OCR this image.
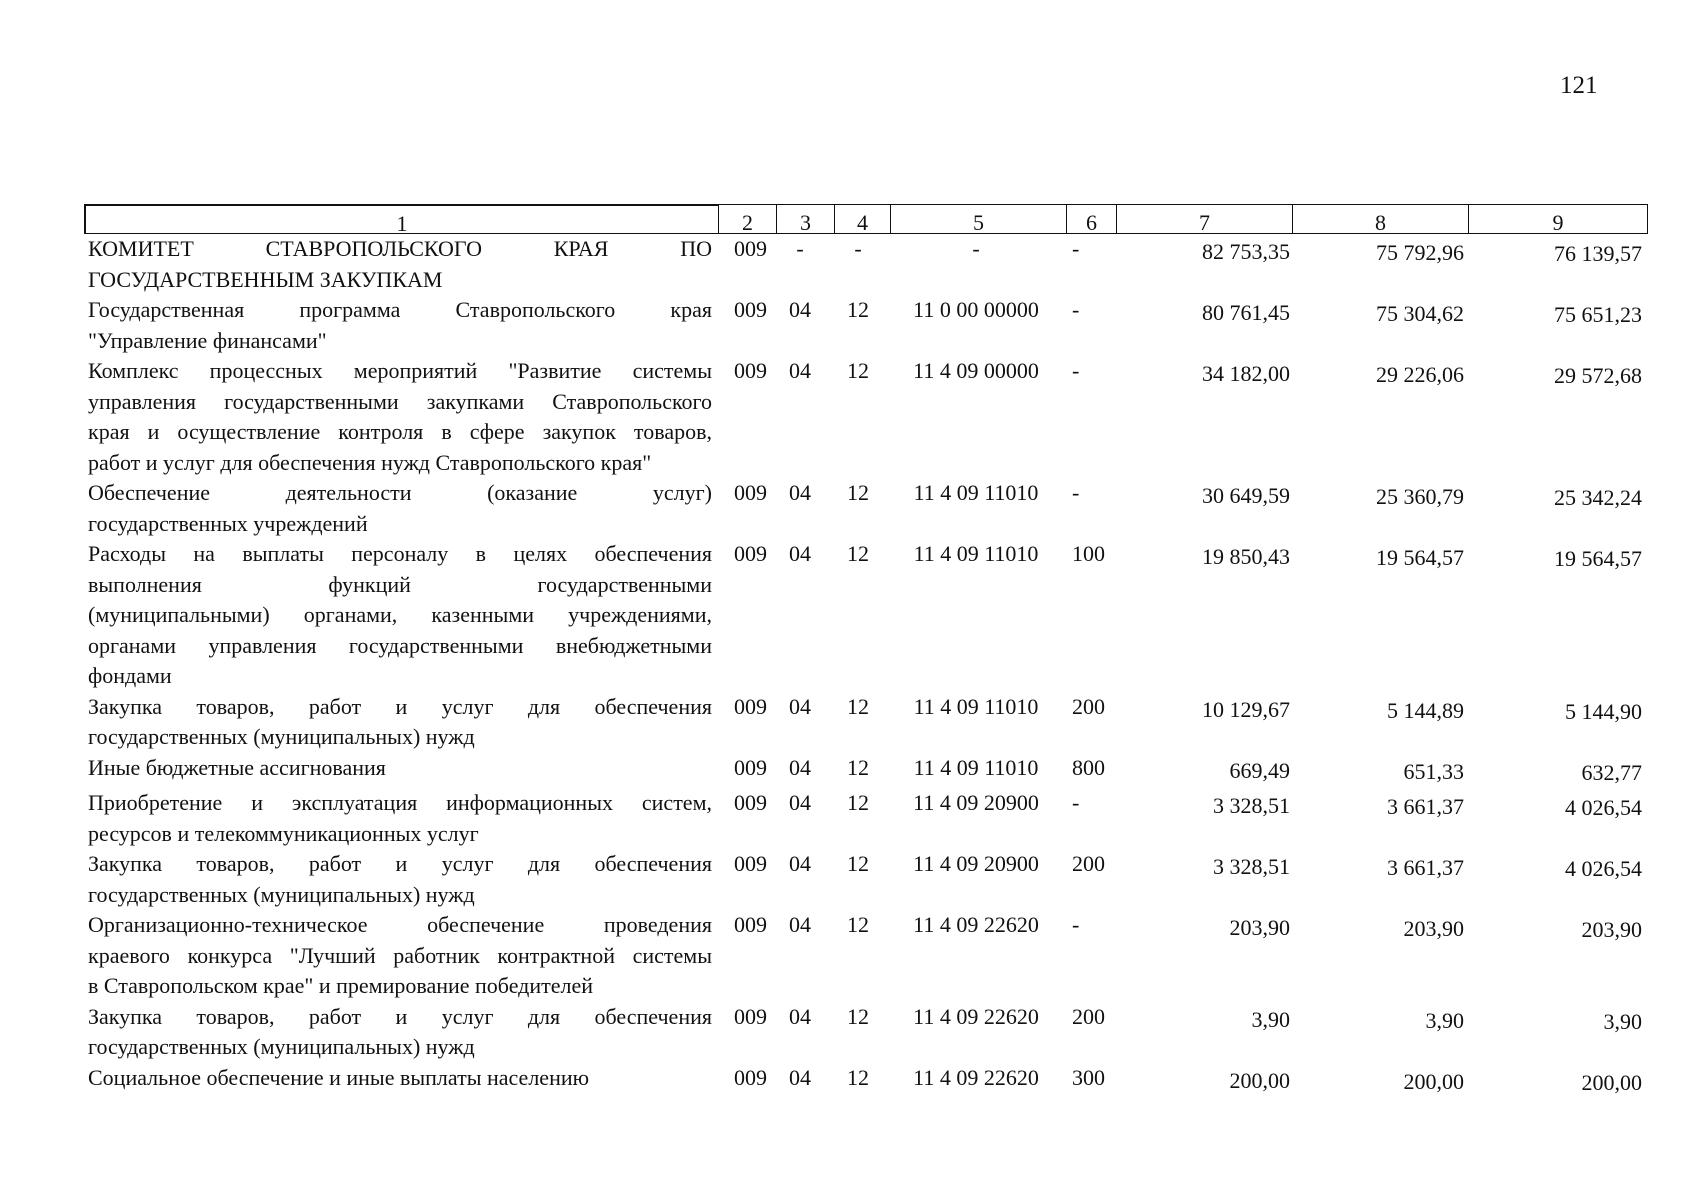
121
1	2	3	4	5	6	7	8	9
КОМИТЕТ СТАВРОПОЛЬСКОГО КРАЯ ПО
ГОСУДАРСТВЕННЫМ ЗАКУПКАМ
009	-	-	-	-	82 753,35	75 792,96	76 139,57
Государственная программа Ставропольского края
"Управление финансами"
009	04	12	11 0 00 00000	-	80 761,45	75 304,62	75 651,23
Комплекс процессных мероприятий "Развитие системы
управления государственными закупками Ставропольского
края и осуществление контроля в сфере закупок товаров,
работ и услуг для обеспечения нужд Ставропольского края"
009	04	12	11 4 09 00000	-	34 182,00	29 226,06	29 572,68
Обеспечение деятельности (оказание услуг)
государственных учреждений
009	04	12	11 4 09 11010	-	30 649,59	25 360,79	25 342,24
Расходы на выплаты персоналу в целях обеспечения
выполнения функций государственными
(муниципальными) органами, казенными учреждениями,
органами управления государственными внебюджетными
фондами
009	04	12	11 4 09 11010	100	19 850,43	19 564,57	19 564,57
Закупка товаров, работ и услуг для обеспечения
государственных (муниципальных) нужд
009	04	12	11 4 09 11010	200	10 129,67	5 144,89	5 144,90
Иные бюджетные ассигнования	009	04	12	11 4 09 11010	800	669,49	651,33	632,77
Приобретение и эксплуатация информационных систем,
ресурсов и телекоммуникационных услуг
009	04	12	11 4 09 20900	-	3 328,51	3 661,37	4 026,54
Закупка товаров, работ и услуг для обеспечения
государственных (муниципальных) нужд
009	04	12	11 4 09 20900	200	3 328,51	3 661,37	4 026,54
Организационно-техническое обеспечение проведения
краевого конкурса "Лучший работник контрактной системы
в Ставропольском крае" и премирование победителей
009	04	12	11 4 09 22620	-	203,90	203,90	203,90
Закупка товаров, работ и услуг для обеспечения
государственных (муниципальных) нужд
009	04	12	11 4 09 22620	200	3,90	3,90	3,90
Социальное обеспечение и иные выплаты населению	009	04	12	11 4 09 22620	300	200,00	200,00	200,00
